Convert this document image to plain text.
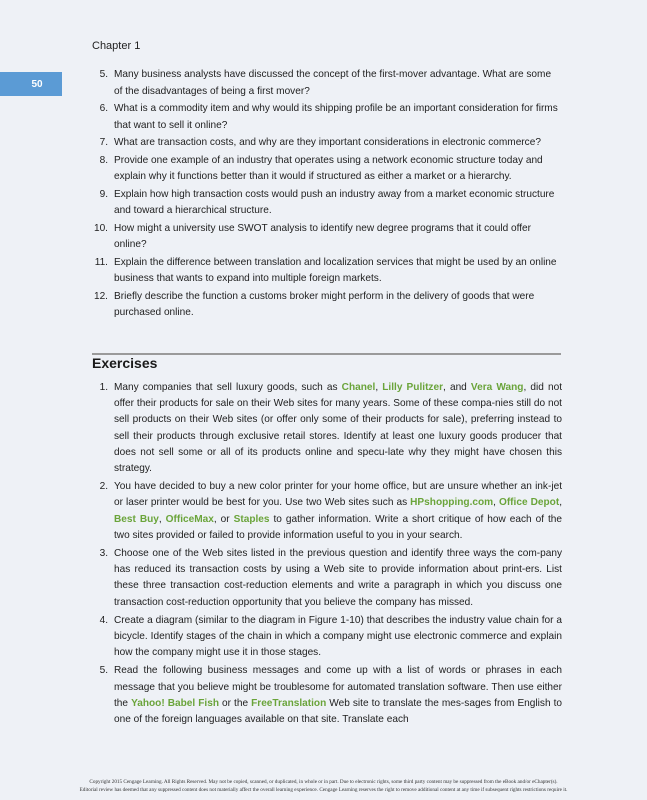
Chapter 1
50
5. Many business analysts have discussed the concept of the first-mover advantage. What are some of the disadvantages of being a first mover?
6. What is a commodity item and why would its shipping profile be an important consideration for firms that want to sell it online?
7. What are transaction costs, and why are they important considerations in electronic commerce?
8. Provide one example of an industry that operates using a network economic structure today and explain why it functions better than it would if structured as either a market or a hierarchy.
9. Explain how high transaction costs would push an industry away from a market economic structure and toward a hierarchical structure.
10. How might a university use SWOT analysis to identify new degree programs that it could offer online?
11. Explain the difference between translation and localization services that might be used by an online business that wants to expand into multiple foreign markets.
12. Briefly describe the function a customs broker might perform in the delivery of goods that were purchased online.
Exercises
1. Many companies that sell luxury goods, such as Chanel, Lilly Pulitzer, and Vera Wang, did not offer their products for sale on their Web sites for many years. Some of these compa-nies still do not sell products on their Web sites (or offer only some of their products for sale), preferring instead to sell their products through exclusive retail stores. Identify at least one luxury goods producer that does not sell some or all of its products online and specu-late why they might have chosen this strategy.
2. You have decided to buy a new color printer for your home office, but are unsure whether an ink-jet or laser printer would be best for you. Use two Web sites such as HPshopping.com, Office Depot, Best Buy, OfficeMax, or Staples to gather information. Write a short critique of how each of the two sites provided or failed to provide information useful to you in your search.
3. Choose one of the Web sites listed in the previous question and identify three ways the com-pany has reduced its transaction costs by using a Web site to provide information about print-ers. List these three transaction cost-reduction elements and write a paragraph in which you discuss one transaction cost-reduction opportunity that you believe the company has missed.
4. Create a diagram (similar to the diagram in Figure 1-10) that describes the industry value chain for a bicycle. Identify stages of the chain in which a company might use electronic commerce and explain how the company might use it in those stages.
5. Read the following business messages and come up with a list of words or phrases in each message that you believe might be troublesome for automated translation software. Then use either the Yahoo! Babel Fish or the FreeTranslation Web site to translate the mes-sages from English to one of the foreign languages available on that site. Translate each
Copyright 2015 Cengage Learning. All Rights Reserved. May not be copied, scanned, or duplicated, in whole or in part. Due to electronic rights, some third party content may be suppressed from the eBook and/or eChapter(s).
Editorial review has deemed that any suppressed content does not materially affect the overall learning experience. Cengage Learning reserves the right to remove additional content at any time if subsequent rights restrictions require it.
